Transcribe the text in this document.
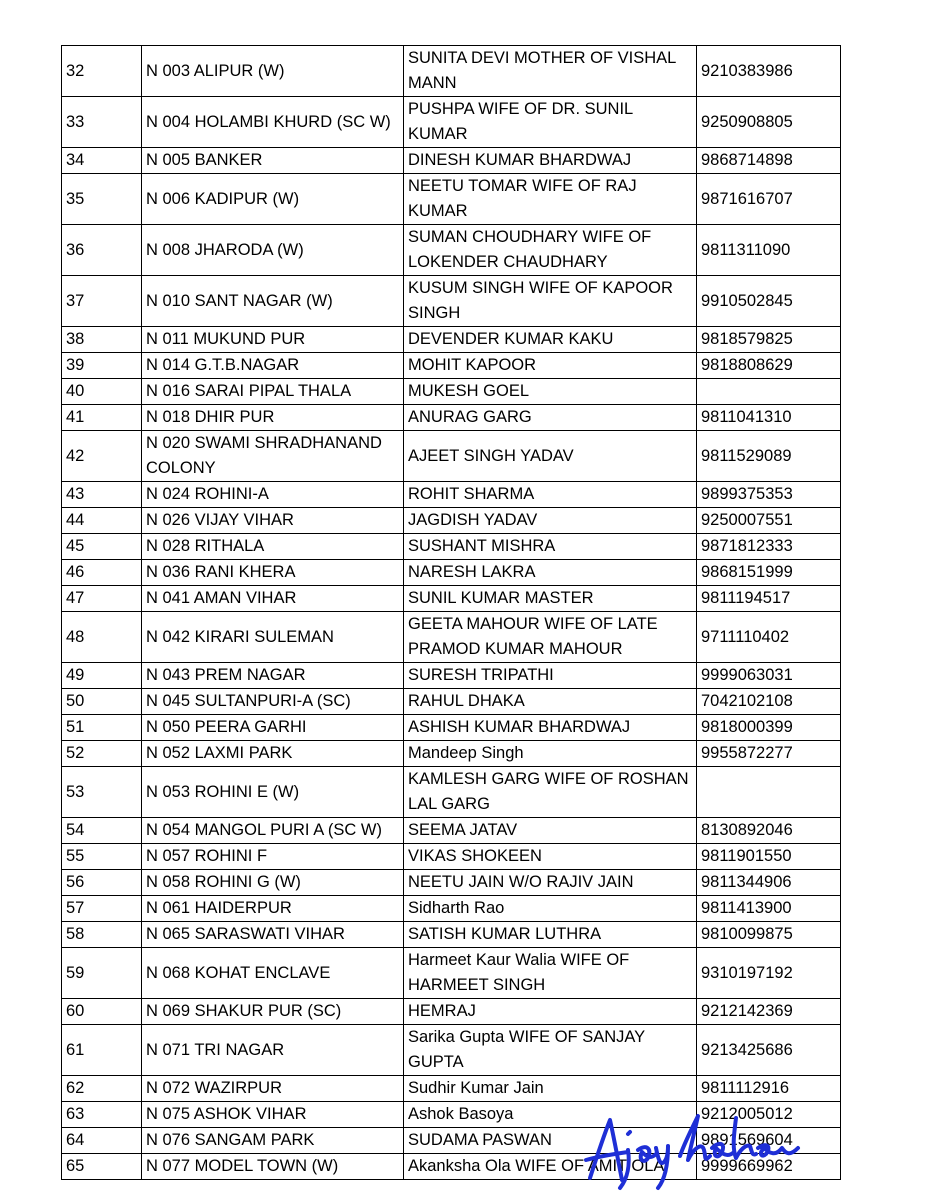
32	N 003 ALIPUR (W)	SUNITA DEVI MOTHER OF VISHAL MANN	9210383986
33	N 004 HOLAMBI KHURD (SC W)	PUSHPA WIFE OF DR. SUNIL KUMAR	9250908805
34	N 005 BANKER	DINESH KUMAR BHARDWAJ	9868714898
35	N 006 KADIPUR (W)	NEETU TOMAR WIFE OF RAJ KUMAR	9871616707
36	N 008 JHARODA (W)	SUMAN CHOUDHARY WIFE OF LOKENDER CHAUDHARY	9811311090
37	N 010 SANT NAGAR (W)	KUSUM SINGH WIFE OF KAPOOR SINGH	9910502845
38	N 011 MUKUND PUR	DEVENDER KUMAR KAKU	9818579825
39	N 014 G.T.B.NAGAR	MOHIT KAPOOR	9818808629
40	N 016 SARAI PIPAL THALA	MUKESH GOEL	
41	N 018 DHIR PUR	ANURAG GARG	9811041310
42	N 020 SWAMI SHRADHANAND COLONY	AJEET SINGH YADAV	9811529089
43	N 024 ROHINI-A	ROHIT SHARMA	9899375353
44	N 026 VIJAY VIHAR	JAGDISH YADAV	9250007551
45	N 028 RITHALA	SUSHANT MISHRA	9871812333
46	N 036 RANI KHERA	NARESH LAKRA	9868151999
47	N 041 AMAN VIHAR	SUNIL KUMAR MASTER	9811194517
48	N 042 KIRARI SULEMAN	GEETA MAHOUR WIFE OF LATE PRAMOD KUMAR MAHOUR	9711110402
49	N 043 PREM NAGAR	SURESH TRIPATHI	9999063031
50	N 045 SULTANPURI-A (SC)	RAHUL DHAKA	7042102108
51	N 050 PEERA GARHI	ASHISH KUMAR BHARDWAJ	9818000399
52	N 052 LAXMI PARK	Mandeep Singh	9955872277
53	N 053 ROHINI E (W)	KAMLESH GARG WIFE OF ROSHAN LAL GARG	
54	N 054 MANGOL PURI A (SC W)	SEEMA JATAV	8130892046
55	N 057 ROHINI F	VIKAS SHOKEEN	9811901550
56	N 058 ROHINI G (W)	NEETU JAIN W/O RAJIV JAIN	9811344906
57	N 061 HAIDERPUR	Sidharth Rao	9811413900
58	N 065 SARASWATI VIHAR	SATISH KUMAR LUTHRA	9810099875
59	N 068 KOHAT ENCLAVE	Harmeet Kaur Walia WIFE OF HARMEET SINGH	9310197192
60	N 069 SHAKUR PUR (SC)	HEMRAJ	9212142369
61	N 071 TRI NAGAR	Sarika Gupta WIFE OF SANJAY GUPTA	9213425686
62	N 072 WAZIRPUR	Sudhir Kumar Jain	9811112916
63	N 075 ASHOK VIHAR	Ashok Basoya	9212005012
64	N 076 SANGAM PARK	SUDAMA PASWAN	9891569604
65	N 077 MODEL TOWN (W)	Akanksha Ola WIFE OF AMIT OLA	9999669962
